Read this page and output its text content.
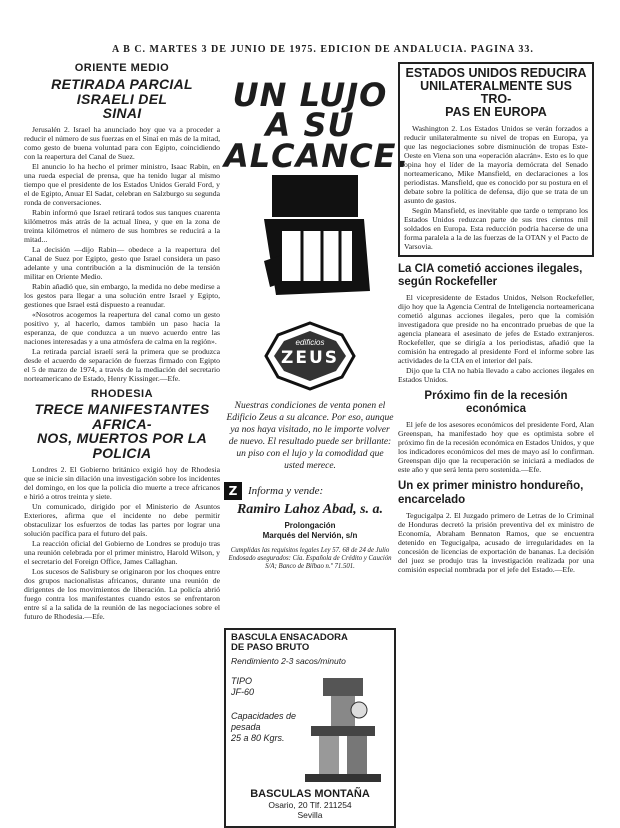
A B C. MARTES 3 DE JUNIO DE 1975. EDICION DE ANDALUCIA. PAGINA 33.
ORIENTE MEDIO
RETIRADA PARCIAL ISRAELI DEL
SINAI

Jerusalén 2. Israel ha anunciado hoy que va a proceder a reducir el número de sus fuerzas en el Sinaí en más de la mitad, como gesto de buena voluntad para con Egipto, coincidiendo con la reapertura del Canal de Suez.

El anuncio lo ha hecho el primer ministro, Isaac Rabin, en una rueda especial de prensa, que ha tenido lugar al mismo tiempo que el presidente de los Estados Unidos Gerald Ford, y el de Egipto, Anuar El Sadat, celebran en Salzburgo su segunda ronda de conversaciones.

Rabin informó que Israel retirará todos sus tanques cuarenta kilómetros más atrás de la actual línea, y que en la zona de treinta kilómetros el número de sus hombres se reducirá a la mitad...

La decisión —dijo Rabin— obedece a la reapertura del Canal de Suez por Egipto, gesto que Israel considera un paso adelante y una contribución a la disminución de la tensión militar en Oriente Medio.

Rabin añadió que, sin embargo, la medida no debe medirse a los gestos para llegar a una solución entre Israel y Egipto, gestiones que Israel está dispuesto a reanudar.

«Nosotros acogemos la reapertura del canal como un gesto positivo y, al hacerlo, damos también un paso hacia la esperanza, de que conduzca a un nuevo acuerdo entre las naciones interesadas y a una atmósfera de calma en la región».

La retirada parcial israelí será la primera que se produzca desde el acuerdo de separación de fuerzas firmado con Egipto el 5 de marzo de 1974, a través de la mediación del secretario norteamericano de Estado, Henry Kissinger.—Efe.

RHODESIA
TRECE MANIFESTANTES AFRICA-
NOS, MUERTOS POR LA POLICIA

Londres 2. El Gobierno británico exigió hoy de Rhodesia que se inicie sin dilación una investigación sobre los incidentes del domingo, en los que la policía dio muerte a trece africanos e hirió a otros treinta y siete.

Un comunicado, dirigido por el Ministerio de Asuntos Exteriores, afirma que el incidente no debe permitir obstaculizar los esfuerzos de todas las partes por lograr una solución pacífica para el futuro del país.

La reacción oficial del Gobierno de Londres se produjo tras una reunión celebrada por el primer ministro, Harold Wilson, y el secretario del Foreign Office, James Callaghan.

Los sucesos de Salisbury se originaron por los choques entre dos grupos nacionalistas africanos, durante una reunión de dirigentes de los movimientos de liberación. La policía abrió fuego contra los manifestantes cuando estos se enfrentaron entre sí a la salida de la reunión de las negociaciones sobre el futuro de Rhodesia.—Efe.

UN LUJO
A SU
ALCANCE.
edificios
ZEUS
Nuestras condiciones de venta ponen el Edificio Zeus a su alcance. Por eso, aunque ya nos haya visitado, no le importe volver de nuevo. El resultado puede ser brillante: un piso con el lujo y la comodidad que usted merece.
Z Informa y vende:
Ramiro Lahoz Abad, s. a.
Prolongación
Marqués del Nervión, s/n
Cumplidas las requisitos legales Ley 57. 68 de 24 de Julio Endosado asegurados: Cía. Española de Crédito y Caución S/A; Banco de Bilbao n.º 71.501.
BASCULA ENSACADORA DE PASO BRUTO
Rendimiento 2-3 sacos/minuto
TIPO
JF-60
Capacidades de pesada
25 a 80 Kgrs.
BASCULAS MONTAÑA
Osario, 20 Tlf. 211254
Sevilla
ESTADOS UNIDOS REDUCIRA
UNILATERALMENTE SUS TRO-
PAS EN EUROPA

Washington 2. Los Estados Unidos se verán forzados a reducir unilateralmente su nivel de tropas en Europa, ya que las negociaciones sobre disminución de tropas Este-Oeste en Viena son una «operación alacrán». Esto es lo que opina hoy el líder de la mayoría demócrata del Senado norteamericano, Mike Mansfield, en declaraciones a los periodistas. Mansfield, que es conocido por su postura en el debate sobre la política de defensa, dijo que se trata de un asunto de gastos.

Según Mansfield, es inevitable que tarde o temprano los Estados Unidos reduzcan parte de sus tres cientos mil soldados en Europa. Esta reducción podría hacerse de una forma paralela a la de las fuerzas de la OTAN y el Pacto de Varsovia.

La CIA cometió acciones ilegales, según Rockefeller

El vicepresidente de Estados Unidos, Nelson Rockefeller, dijo hoy que la Agencia Central de Inteligencia norteamericana cometió algunas acciones ilegales, pero que la comisión investigadora que preside no ha encontrado pruebas de que la agencia planeara el asesinato de jefes de Estado extranjeros. Rockefeller, que se dirigía a los periodistas, añadió que la comisión ha entregado al presidente Ford el informe sobre las actividades de la CIA en el interior del país.

Dijo que la CIA no había llevado a cabo acciones ilegales en Estados Unidos.

Próximo fin de la recesión económica

El jefe de los asesores económicos del presidente Ford, Alan Greenspan, ha manifestado hoy que es optimista sobre el próximo fin de la recesión económica en Estados Unidos, y que los indicadores económicos del mes de mayo así lo confirman. Greenspan dijo que la recuperación se iniciará a mediados de este año y que será lenta pero sostenida.—Efe.

Un ex primer ministro hondureño, encarcelado

Tegucigalpa 2. El Juzgado primero de Letras de lo Criminal de Honduras decretó la prisión preventiva del ex ministro de Economía, Abraham Bennaton Ramos, que se encuentra detenido en Tegucigalpa, acusado de irregularidades en la concesión de licencias de exportación de bananas. La decisión del juez se produjo tras la investigación realizada por una comisión especial nombrada por el jefe del Estado.—Efe.
